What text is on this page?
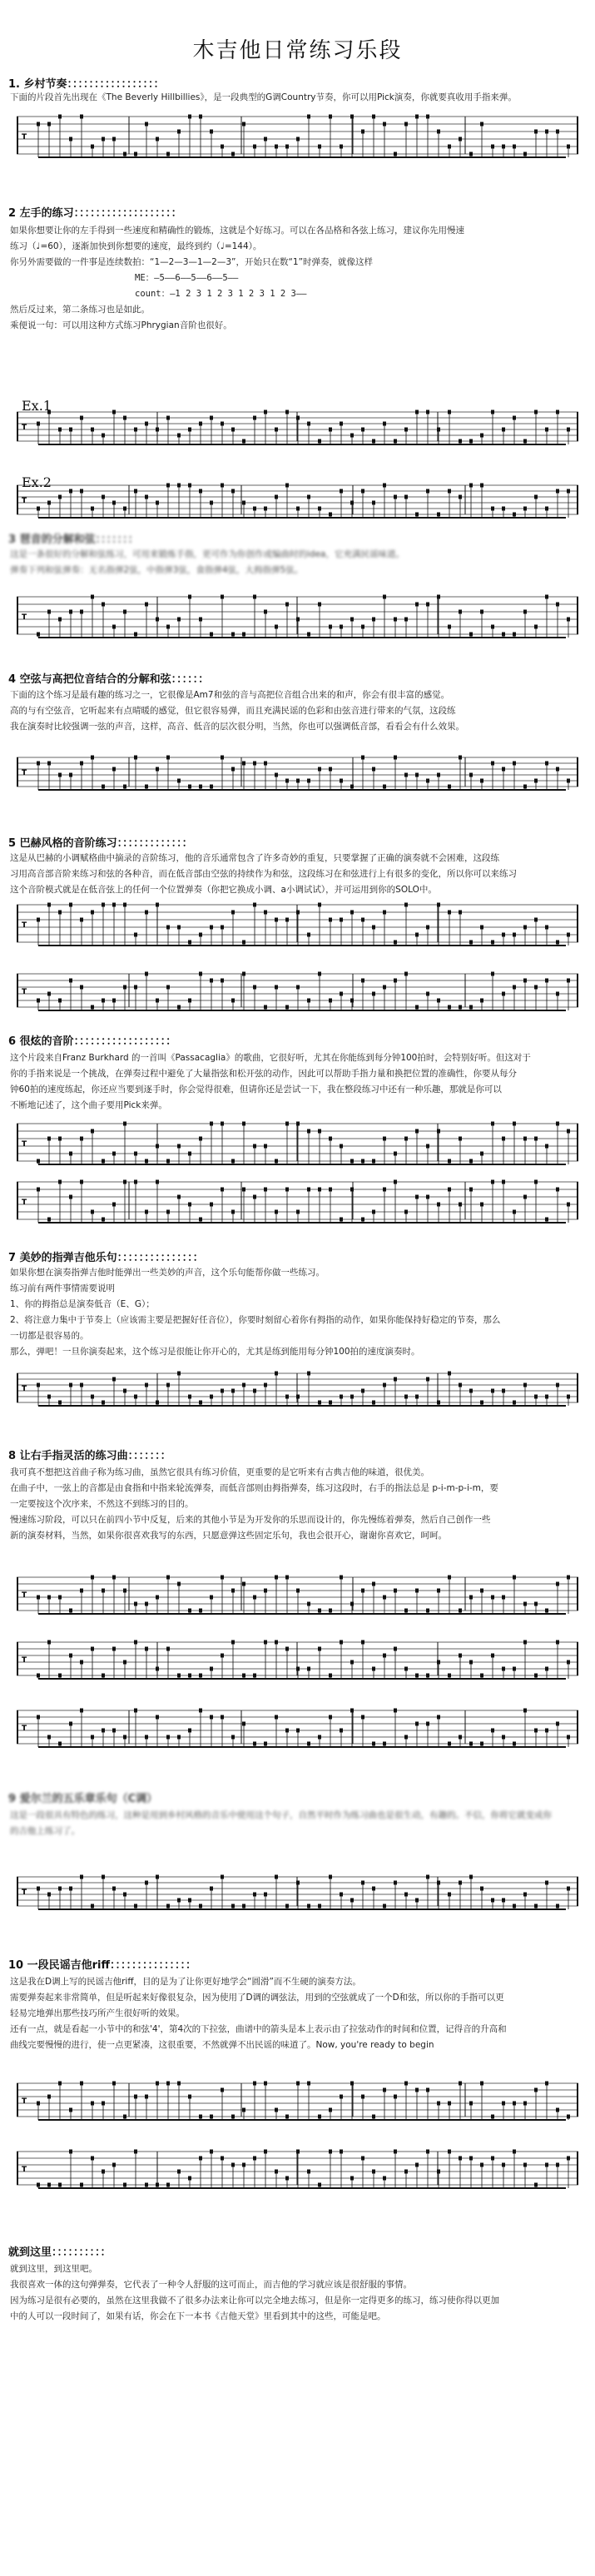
木吉他日常练习乐段
1. 乡村节奏：：：：：：：：：：：：：：：：：
下面的片段首先出现在《The Beverly Hillbillies》，是一段典型的G调Country节奏，你可以用Pick演奏，你就要真收用手指来弹。
T
2 左手的练习：：：：：：：：：：：：：：：：：：：
如果你想要让你的左手得到一些速度和精确性的锻炼，这就是个好练习。可以在各品格和各弦上练习，建议你先用慢速
练习（♩=60），逐渐加快到你想要的速度，最终到约（♩=144）。
你另外需要做的一件事是连续数拍：“1—2—3—1—2—3”，开始只在数“1”时弹奏，就像这样
ME：—5——6——5——6——5——
count：—1 2 3 1 2 3 1 2 3 1 2 3——
然后反过来，第二条练习也是如此。
乘便说一句：可以用这种方式练习Phrygian音阶也很好。
T
T
3 琶音的分解和弦：：：：：：：
这是一条很好的分解和弦练习，可用来锻炼手指，更可作为你创作或编曲时的idea，它充满民谣味道。
弹奏下列和弦弹奏：无名指弹2弦，中指弹3弦，食指弹4弦，大拇指弹5弦。
T
4 空弦与高把位音结合的分解和弦：：：：：：
下面的这个练习是最有趣的练习之一，它很像是Am7和弦的音与高把位音组合出来的和声，你会有很丰富的感觉。
高的与有空弦音，它听起来有点晴暖的感觉，但它很容易弹，而且充满民谣的色彩和由弦音进行带来的气氛，这段练
我在演奏时比较强调一弦的声音，这样，高音、低音的层次很分明，当然，你也可以强调低音部，看看会有什么效果。
T
5 巴赫风格的音阶练习：：：：：：：：：：：：：
这是从巴赫的小调赋格曲中摘录的音阶练习，他的音乐通常包含了许多奇妙的重复，只要掌握了正确的演奏就不会困难，这段练
习用高音部音阶来练习和弦的各种音，而在低音部由空弦的持续作为和弦，这段练习在和弦进行上有很多的变化，所以你可以来练习
这个音阶模式就是在低音弦上的任何一个位置弹奏（你把它换成小调、a小调试试），并可运用到你的SOLO中。
T
T
6 很炫的音阶：：：：：：：：：：：：：：：：：：
这个片段来自Franz Burkhard 的一首叫《Passacaglia》的歌曲，它很好听，尤其在你能练到每分钟100拍时，会特别好听。但这对于
你的手指来说是一个挑战，在弹奏过程中避免了大量指弦和松开弦的动作，因此可以帮助手指力量和换把位置的准确性，你要从每分
钟60拍的速度练起，你还应当要到逐手时，你会觉得很难，但请你还是尝试一下，我在整段练习中还有一种乐趣，那就是你可以
不断地记述了，这个曲子要用Pick来弹。
T
T
7 美妙的指弹吉他乐句：：：：：：：：：：：：：：：
如果你想在演奏指弹吉他时能弹出一些美妙的声音，这个乐句能帮你做一些练习。
练习前有两件事情需要说明
1、你的拇指总是演奏低音（E、G）；
2、将注意力集中于节奏上（应该需主要是把握好任音位），你要时刻留心着你有拇指的动作，如果你能保持好稳定的节奏，那么
一切都是很容易的。
那么，弹吧！一旦你演奏起来，这个练习是很能让你开心的，尤其是练到能用每分钟100拍的速度演奏时。
T
8 让右手指灵活的练习曲：：：：：：：
我可真不想把这首曲子称为练习曲，虽然它很具有练习价值，更重要的是它听来有古典吉他的味道，很优美。
在曲子中，一弦上的音都是由食指和中指来轮流弹奏，而低音部则由拇指弹奏，练习这段时，右手的指法总是 p-i-m-p-i-m，要
一定要按这个次序来，不然这不到练习的目的。
慢速练习阶段，可以只在前四小节中反复，后来的其他小节是为开发你的乐思而设计的，你先慢练着弹奏，然后自己创作一些
新的演奏材料，当然，如果你很喜欢我写的东西，只愿意弹这些固定乐句，我也会很开心，谢谢你喜欢它，呵呵。
T
T
T
9 爱尔兰的五乐章乐句（C调）
这是一段很具有特色的练习，这种是用到乡村风格的音乐中使用这个句子，自然平时作为练习曲也是很生动，有趣的。不信，你将它就变成你
的吉他上练习了。
T
10 一段民谣吉他riff：：：：：：：：：：：：：：：
这是我在D调上写的民谣吉他riff，目的是为了让你更好地学会“圆滑”而不生硬的演奏方法。
需要弹奏起来非常简单，但是听起来好像很复杂，因为使用了D调的调弦法，用到的空弦就成了一个D和弦，所以你的手指可以更
轻易完地弹出那些技巧所产生很好听的效果。
还有一点，就是看起一小节中的和弦'4'，第4次的下拉弦，曲谱中的箭头是本上表示由了拉弦动作的时间和位置，记得音的升高和
曲线完要慢慢的进行，使一点更紧凑，这很重要，不然就弹不出民谣的味道了。Now, you're ready to begin
T
T
就到这里：：：：：：：：：：
就到这里，到这里吧。
我很喜欢一体的这句弹弹奏，它代表了一种令人舒服的这可而止，而吉他的学习就应该是很舒服的事情。
因为练习是很有必要的，虽然在这里我做不了很多办法来让你可以完全地去练习，但是你一定得更多的练习，练习使你得以更加
中的人可以一段时间了，如果有话，你会在下一本书《吉他天堂》里看到其中的这些，可能是吧。
Ex.1
Ex.2
